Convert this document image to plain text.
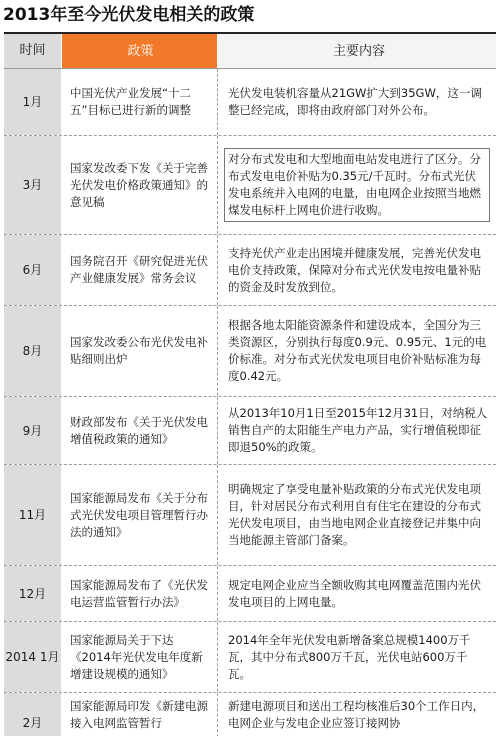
2013年至今光伏发电相关的政策
时间	政策	主要内容
1月
中国光伏产业发展“十二五”目标已进行新的调整
光伏发电装机容量从21GW扩大到35GW，这一调整已经完成，即将由政府部门对外公布。
3月
国家发改委下发《关于完善光伏发电价格政策通知》的意见稿
对分布式发电和大型地面电站发电进行了区分。分布式发电电价补贴为0.35元/千瓦时。分布式光伏发电系统并入电网的电量，由电网企业按照当地燃煤发电标杆上网电价进行收购。
6月
国务院召开《研究促进光伏产业健康发展》常务会议
支持光伏产业走出困境并健康发展，完善光伏发电电价支持政策，保障对分布式光伏发电按电量补贴的资金及时发放到位。
8月
国家发改委公布光伏发电补贴细则出炉
根据各地太阳能资源条件和建设成本，全国分为三类资源区，分别执行每度0.9元、0.95元、1元的电价标准。对分布式光伏发电项目电价补贴标准为每度0.42元。
9月
财政部发布《关于光伏发电增值税政策的通知》
从2013年10月1日至2015年12月31日，对纳税人销售自产的太阳能生产电力产品，实行增值税即征即退50%的政策。
11月
国家能源局发布《关于分布式光伏发电项目管理暂行办法的通知》
明确规定了享受电量补贴政策的分布式光伏发电项目，针对居民分布式利用自有住宅在建设的分布式光伏发电项目，由当地电网企业直接登记并集中向当地能源主管部门备案。
12月
国家能源局发布了《光伏发电运营监管暂行办法》
规定电网企业应当全额收购其电网覆盖范围内光伏发电项目的上网电量。
2014 1月
国家能源局关于下达《2014年光伏发电年度新增建设规模的通知》
2014年全年光伏发电新增备案总规模1400万千瓦，其中分布式800万千瓦，光伏电站600万千瓦。
2月
国家能源局印发《新建电源接入电网监管暂行
新建电源项目和送出工程均核准后30个工作日内，电网企业与发电企业应签订接网协
